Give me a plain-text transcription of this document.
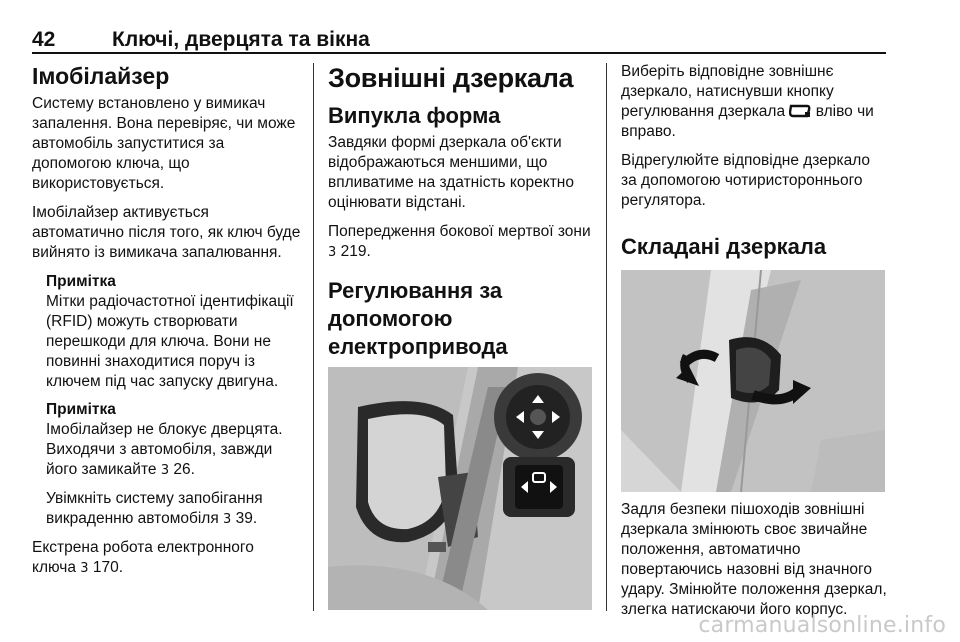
42	Ключі, дверцята та вікна
Імобілайзер

Систему встановлено у вимикач запалення. Вона перевіряє, чи може автомобіль запуститися за допомогою ключа, що використовується.

Імобілайзер активується автоматично після того, як ключ буде вийнято із вимикача запалювання.

Примітка

Мітки радіочастотної ідентифікації (RFID) можуть створювати перешкоди для ключа. Вони не повинні знаходитися поруч із ключем під час запуску двигуна.

Примітка

Імобілайзер не блокує дверцята. Виходячи з автомобіля, завжди його замикайте 3 26.

Увімкніть систему запобігання викраденню автомобіля 3 39.

Екстрена робота електронного ключа 3 170.

Зовнішні дзеркала
Випукла форма

Завдяки формі дзеркала об'єкти відображаються меншими, що впливатиме на здатність коректно оцінювати відстані.

Попередження бокової мертвої зони 3 219.

Регулювання за допомогою електропривода

Виберіть відповідне зовнішнє дзеркало, натиснувши кнопку регулювання дзеркала  вліво чи вправо.

Відрегулюйте відповідне дзеркало за допомогою чотиристороннього регулятора.

Складані дзеркала

Задля безпеки пішоходів зовнішні дзеркала змінюють своє звичайне положення, автоматично повертаючись назовні від значного удару. Змінюйте положення дзеркал, злегка натискаючи його корпус.

carmanualsonline.info
